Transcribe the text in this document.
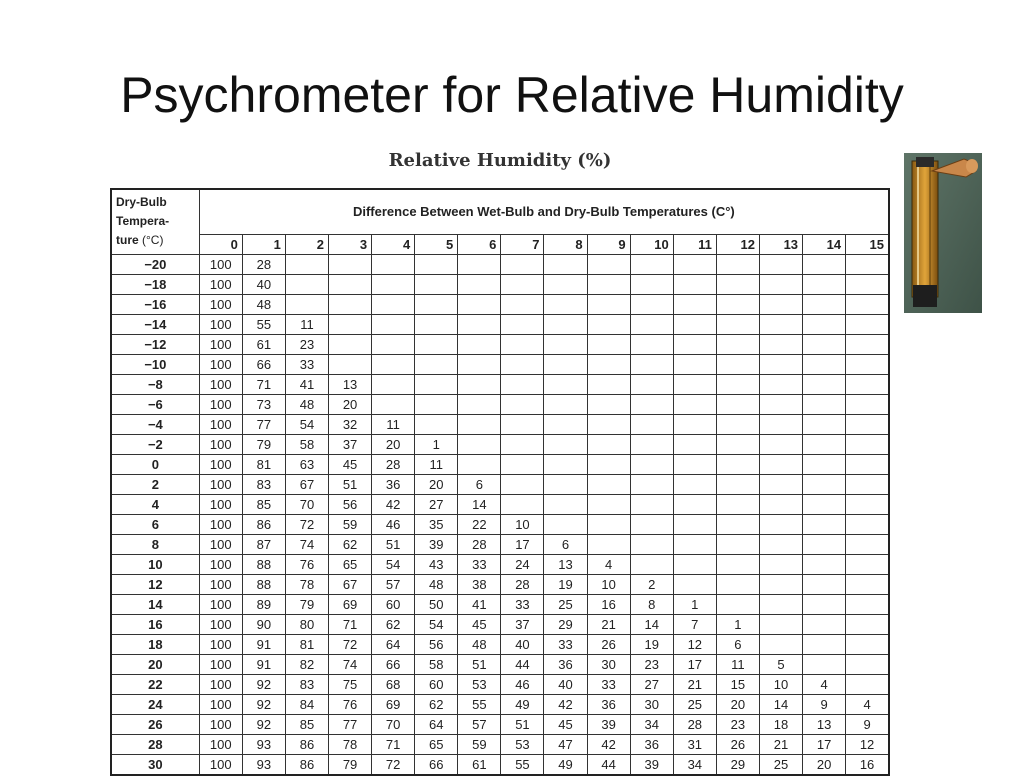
Psychrometer for Relative Humidity
Relative Humidity (%)
Dry-Bulb Tempera- ture (°C)	Difference Between Wet-Bulb and Dry-Bulb Temperatures (C°)															
	0	1	2	3	4	5	6	7	8	9	10	11	12	13	14	15
−20	100	28														
−18	100	40														
−16	100	48														
−14	100	55	11													
−12	100	61	23													
−10	100	66	33													
−8	100	71	41	13												
−6	100	73	48	20												
−4	100	77	54	32	11											
−2	100	79	58	37	20	1										
0	100	81	63	45	28	11										
2	100	83	67	51	36	20	6									
4	100	85	70	56	42	27	14									
6	100	86	72	59	46	35	22	10								
8	100	87	74	62	51	39	28	17	6							
10	100	88	76	65	54	43	33	24	13	4						
12	100	88	78	67	57	48	38	28	19	10	2					
14	100	89	79	69	60	50	41	33	25	16	8	1				
16	100	90	80	71	62	54	45	37	29	21	14	7	1			
18	100	91	81	72	64	56	48	40	33	26	19	12	6			
20	100	91	82	74	66	58	51	44	36	30	23	17	11	5		
22	100	92	83	75	68	60	53	46	40	33	27	21	15	10	4	
24	100	92	84	76	69	62	55	49	42	36	30	25	20	14	9	4
26	100	92	85	77	70	64	57	51	45	39	34	28	23	18	13	9
28	100	93	86	78	71	65	59	53	47	42	36	31	26	21	17	12
30	100	93	86	79	72	66	61	55	49	44	39	34	29	25	20	16
